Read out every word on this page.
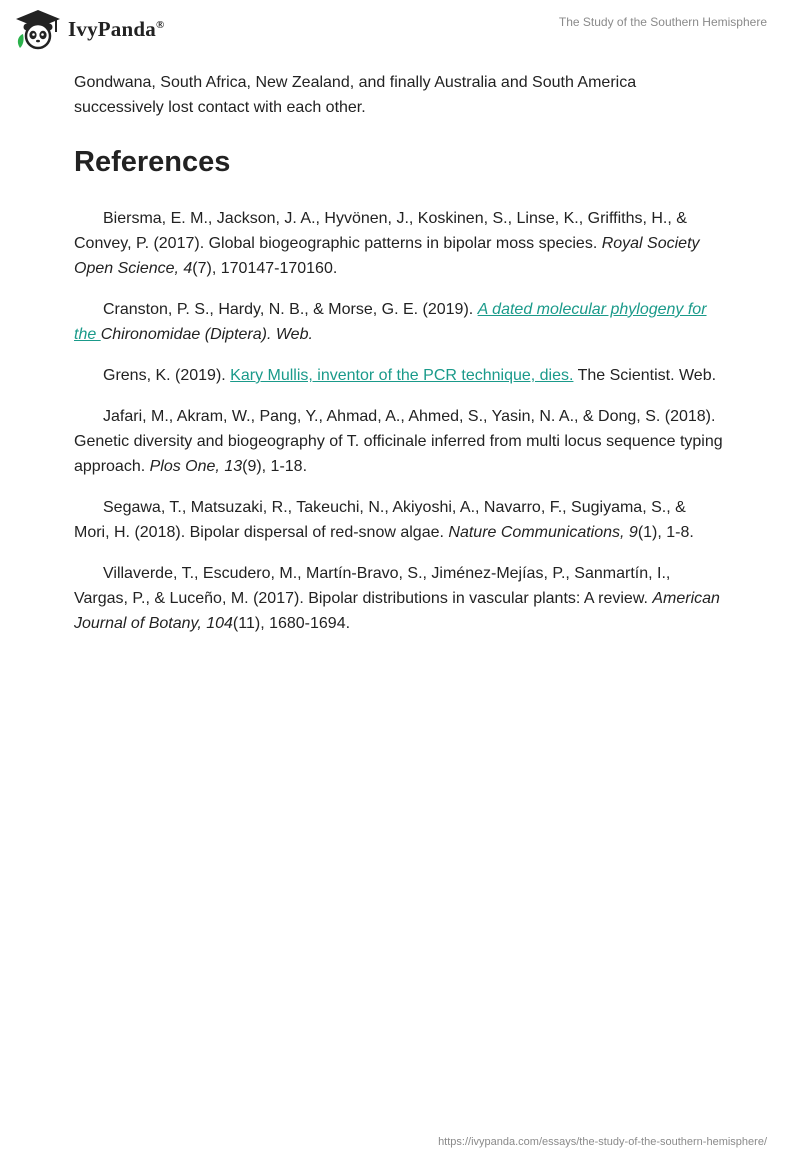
IvyPanda®	The Study of the Southern Hemisphere

Gondwana, South Africa, New Zealand, and finally Australia and South America successively lost contact with each other.

References

Biersma, E. M., Jackson, J. A., Hyvönen, J., Koskinen, S., Linse, K., Griffiths, H., & Convey, P. (2017). Global biogeographic patterns in bipolar moss species. Royal Society Open Science, 4(7), 170147-170160.

Cranston, P. S., Hardy, N. B., & Morse, G. E. (2019). A dated molecular phylogeny for the Chironomidae (Diptera). Web.

Grens, K. (2019). Kary Mullis, inventor of the PCR technique, dies. The Scientist. Web.

Jafari, M., Akram, W., Pang, Y., Ahmad, A., Ahmed, S., Yasin, N. A., & Dong, S. (2018). Genetic diversity and biogeography of T. officinale inferred from multi locus sequence typing approach. Plos One, 13(9), 1-18.

Segawa, T., Matsuzaki, R., Takeuchi, N., Akiyoshi, A., Navarro, F., Sugiyama, S., & Mori, H. (2018). Bipolar dispersal of red-snow algae. Nature Communications, 9(1), 1-8.

Villaverde, T., Escudero, M., Martín-Bravo, S., Jiménez-Mejías, P., Sanmartín, I., Vargas, P., & Luceño, M. (2017). Bipolar distributions in vascular plants: A review. American Journal of Botany, 104(11), 1680-1694.

https://ivypanda.com/essays/the-study-of-the-southern-hemisphere/
